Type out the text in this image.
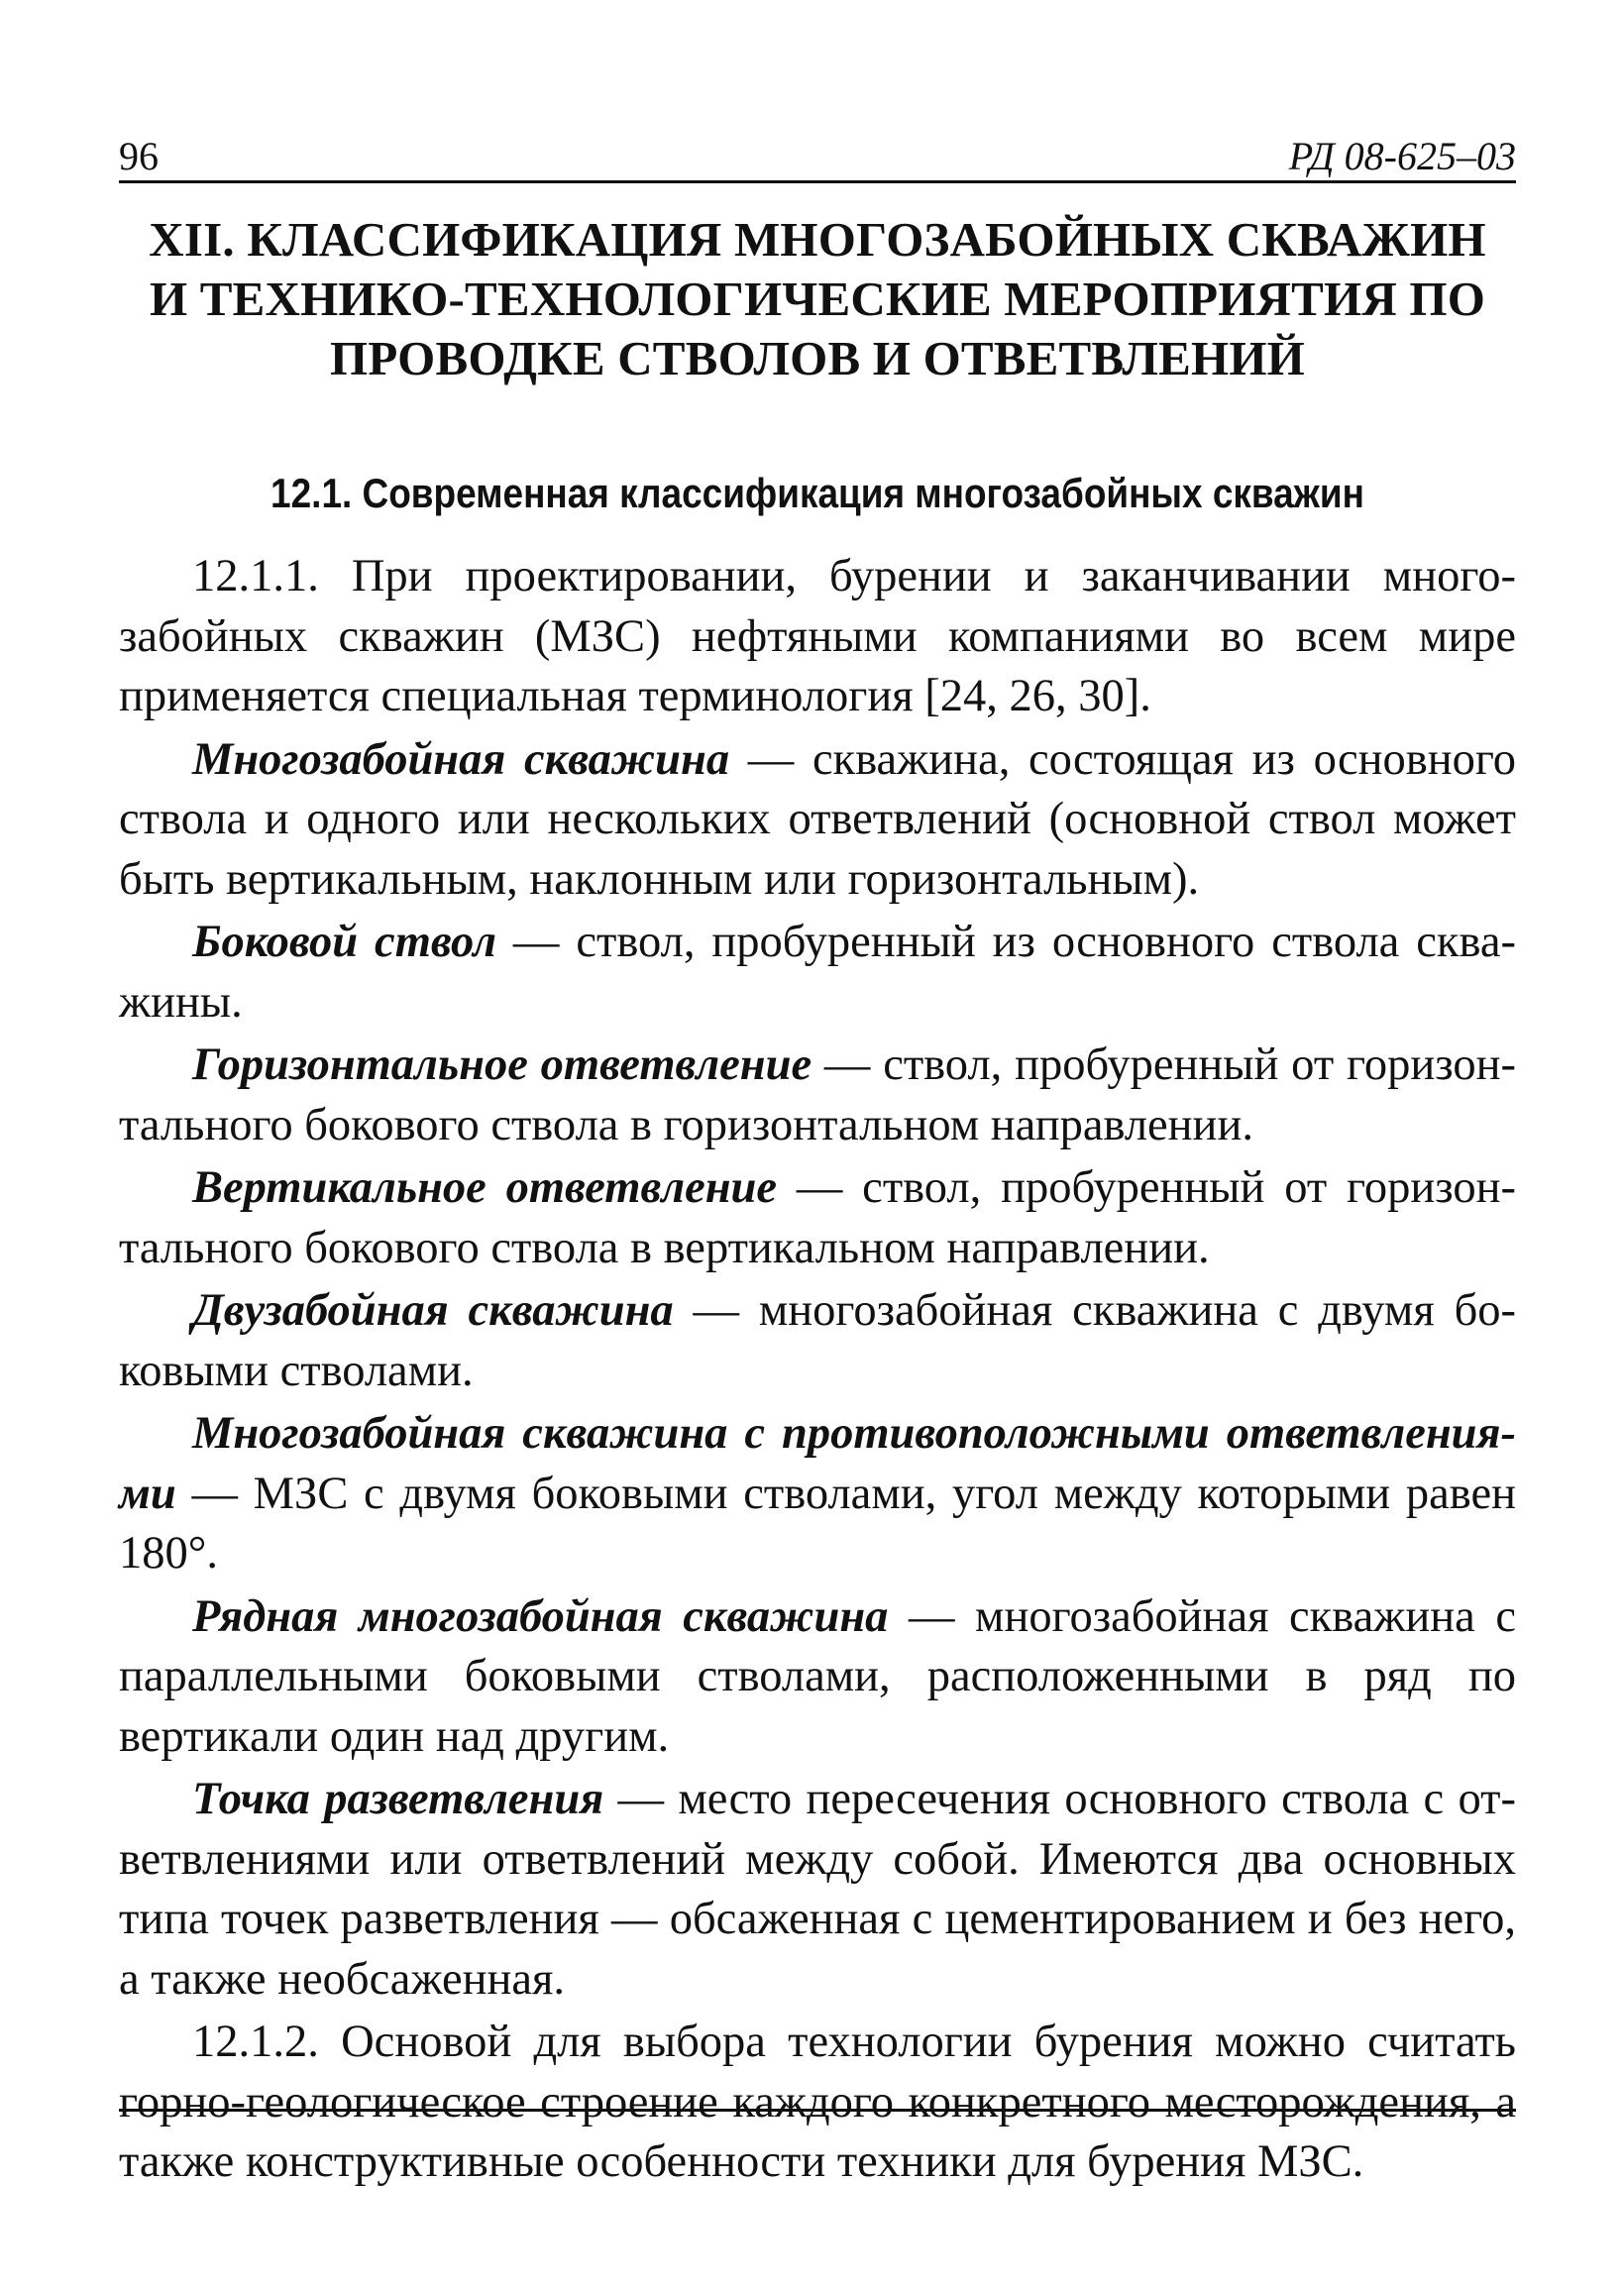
96	РД 08-625–03
XII. КЛАССИФИКАЦИЯ МНОГОЗАБОЙНЫХ СКВАЖИН
И ТЕХНИКО-ТЕХНОЛОГИЧЕСКИЕ МЕРОПРИЯТИЯ ПО
ПРОВОДКЕ СТВОЛОВ И ОТВЕТВЛЕНИЙ
12.1. Современная классификация многозабойных скважин

12.1.1. При проектировании, бурении и заканчивании многозабойных скважин (МЗС) нефтяными компаниями во всем мире применяется специальная терминология [24, 26, 30].

Многозабойная скважина — скважина, состоящая из основного ствола и одного или нескольких ответвлений (основной ствол может быть вертикальным, наклонным или горизонтальным).

Боковой ствол — ствол, пробуренный из основного ствола скважины.

Горизонтальное ответвление — ствол, пробуренный от горизонтального бокового ствола в горизонтальном направлении.

Вертикальное ответвление — ствол, пробуренный от горизонтального бокового ствола в вертикальном направлении.

Двузабойная скважина — многозабойная скважина с двумя боковыми стволами.

Многозабойная скважина с противоположными ответвлениями — МЗС с двумя боковыми стволами, угол между которыми равен 180°.

Рядная многозабойная скважина — многозабойная скважина с параллельными боковыми стволами, расположенными в ряд по вертикали один над другим.

Точка разветвления — место пересечения основного ствола с ответвлениями или ответвлений между собой. Имеются два основных типа точек разветвления — обсаженная с цементированием и без него, а также необсаженная.

12.1.2. Основой для выбора технологии бурения можно считать горно-геологическое строение каждого конкретного месторождения, а также конструктивные особенности техники для бурения МЗС.
